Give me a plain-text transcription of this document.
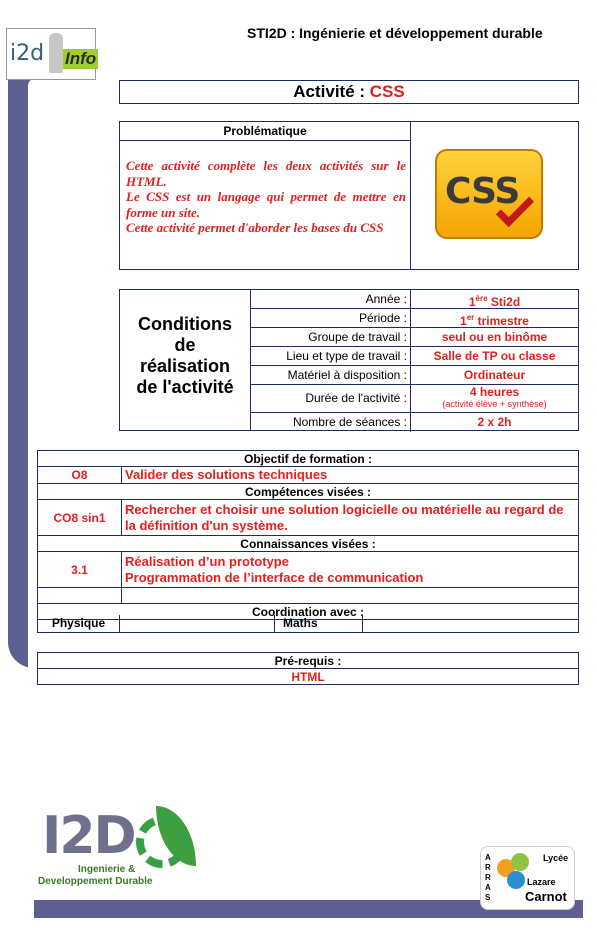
i2d Info
STI2D : Ingénierie et développement durable
Activité : CSS
Problématique
Cette activité complète les deux activités sur le HTML.
Le CSS est un langage qui permet de mettre en forme un site.
Cette activité permet d'aborder les bases du CSS
CSS
Conditions
de
réalisation
de l'activité
Année :	1ère Sti2d
Période :	1er trimestre
Groupe de travail :	seul ou en binôme
Lieu et type de travail :	Salle de TP ou classe
Matériel à disposition :	Ordinateur
Durée de l'activité :	4 heures
(activité élève + synthèse)
Nombre de séances :	2 x 2h
Objectif de formation :	
O8	Valider des solutions techniques
Compétences visées :	
CO8 sin1	Rechercher et choisir une solution logicielle ou matérielle au regard de la définition d'un système.
Connaissances visées :	
3.1	Réalisation d’un prototype
Programmation de l’interface de communication

Coordination avec :	
Physique	Maths
Pré-requis :
HTML
I2D
Ingenierie &
Developpement Durable
ARRAS
Lycée
Lazare
Carnot
